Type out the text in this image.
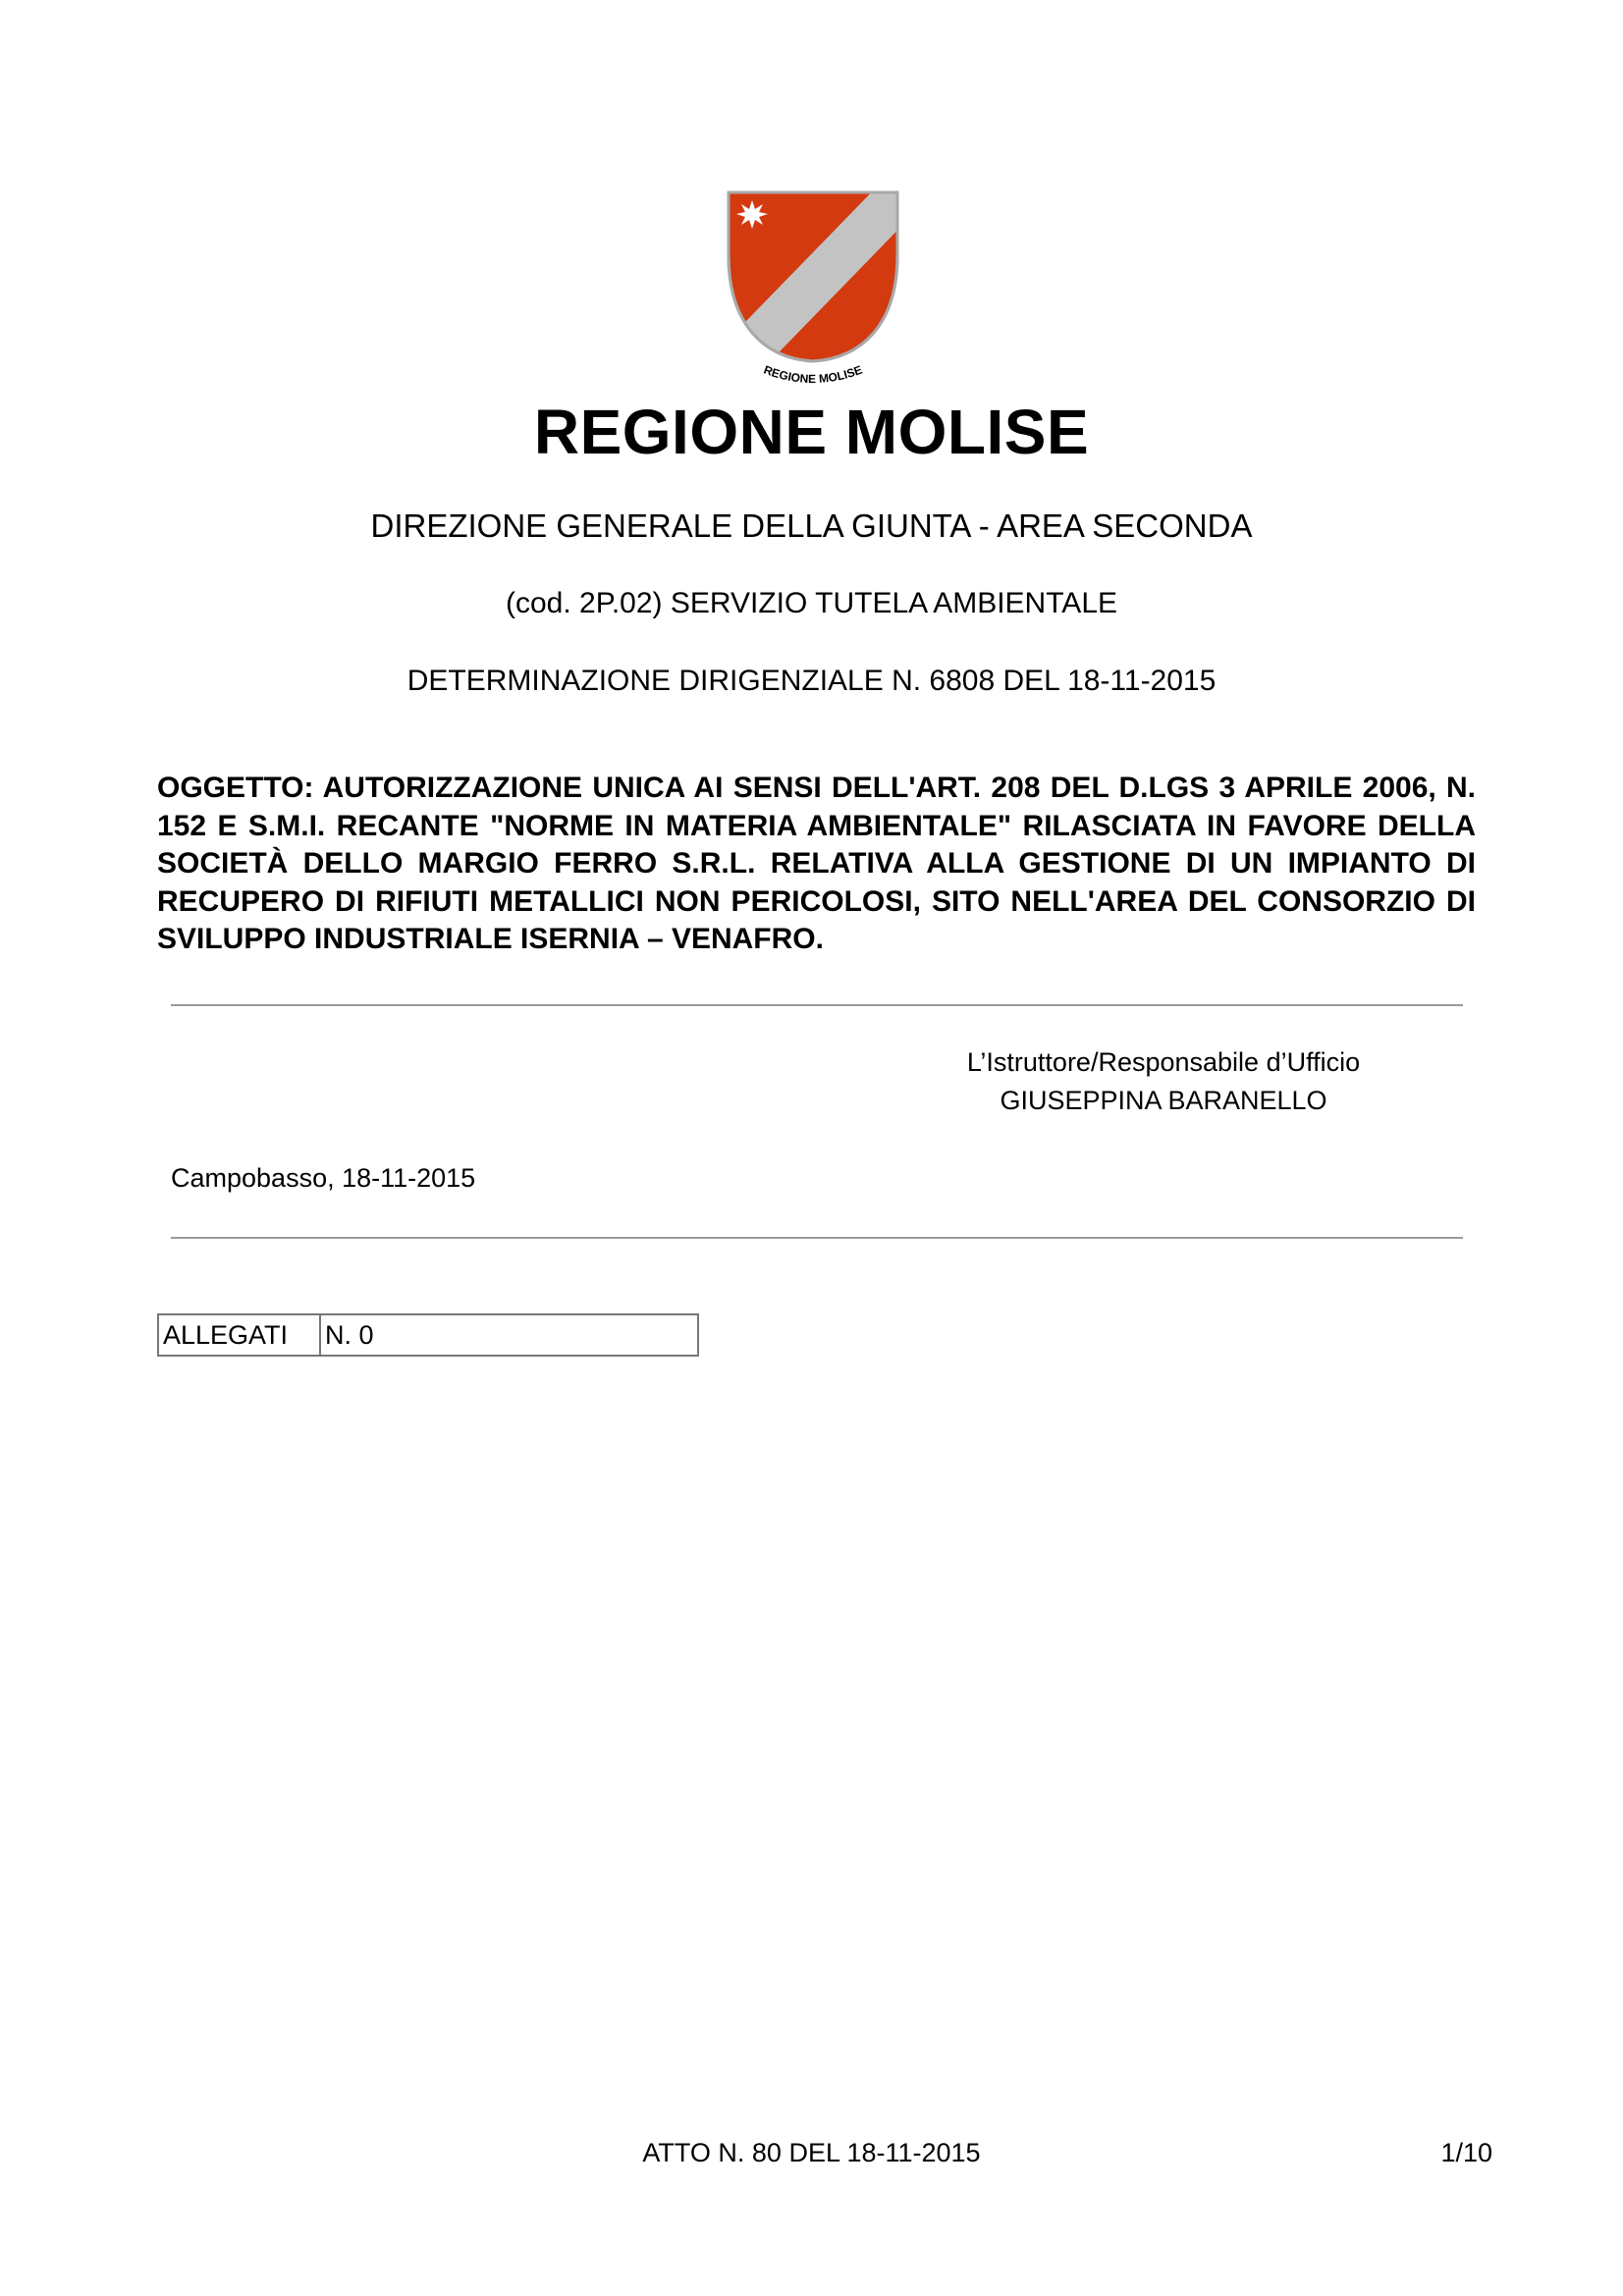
REGIONE MOLISE
REGIONE MOLISE
DIREZIONE GENERALE DELLA GIUNTA - AREA SECONDA
(cod. 2P.02) SERVIZIO TUTELA AMBIENTALE
DETERMINAZIONE DIRIGENZIALE N. 6808 DEL 18-11-2015
OGGETTO: AUTORIZZAZIONE UNICA AI SENSI DELL'ART. 208 DEL D.LGS 3 APRILE 2006, N. 152 E S.M.I. RECANTE "NORME IN MATERIA AMBIENTALE" RILASCIATA IN FAVORE DELLA SOCIETÀ DELLO MARGIO FERRO S.R.L. RELATIVA ALLA GESTIONE DI UN IMPIANTO DI RECUPERO DI RIFIUTI METALLICI NON PERICOLOSI, SITO NELL'AREA DEL CONSORZIO DI SVILUPPO INDUSTRIALE ISERNIA – VENAFRO.
L’Istruttore/Responsabile d’Ufficio
GIUSEPPINA BARANELLO
Campobasso, 18-11-2015
ALLEGATI	N. 0
ATTO N. 80 DEL 18-11-2015	1/10
